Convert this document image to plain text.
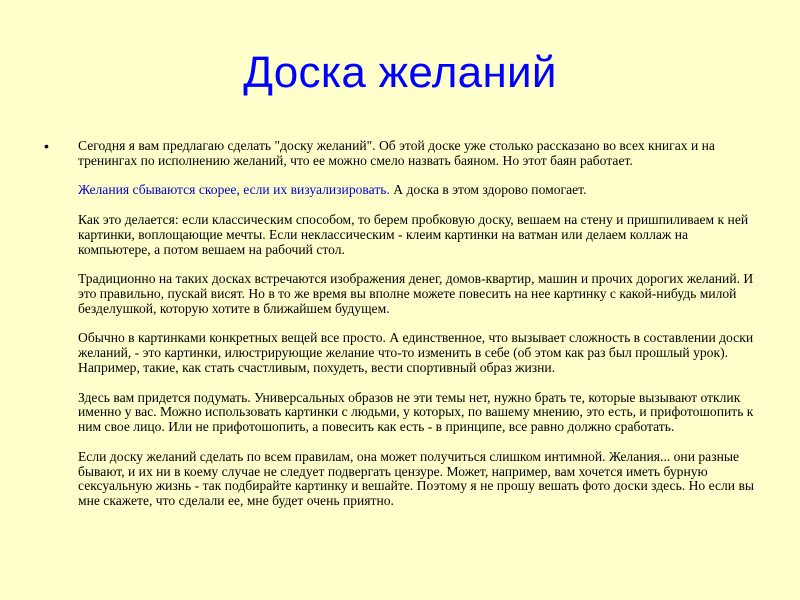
Доска желаний
• Сегодня я вам предлагаю сделать "доску желаний". Об этой доске уже столько рассказано во всех книгах и на тренингах по исполнению желаний, что ее можно смело назвать баяном. Но этот баян работает.

Желания сбываются скорее, если их визуализировать. А доска в этом здорово помогает.

Как это делается: если классическим способом, то берем пробковую доску, вешаем на стену и пришпиливаем к ней картинки, воплощающие мечты. Если неклассическим - клеим картинки на ватман или делаем коллаж на компьютере, а потом вешаем на рабочий стол.

Традиционно на таких досках встречаются изображения денег, домов-квартир, машин и прочих дорогих желаний. И это правильно, пускай висят. Но в то же время вы вполне можете повесить на нее картинку с какой-нибудь милой безделушкой, которую хотите в ближайшем будущем.

Обычно в картинками конкретных вещей все просто. А единственное, что вызывает сложность в составлении доски желаний, - это картинки, илюстрирующие желание что-то изменить в себе (об этом как раз был прошлый урок). Например, такие, как стать счастливым, похудеть, вести спортивный образ жизни.

Здесь вам придется подумать. Универсальных образов не эти темы нет, нужно брать те, которые вызывают отклик именно у вас. Можно использовать картинки с людьми, у которых, по вашему мнению, это есть, и прифотошопить к ним свое лицо. Или не прифотошопить, а повесить как есть - в принципе, все равно должно сработать.

Если доску желаний сделать по всем правилам, она может получиться слишком интимной. Желания... они разные бывают, и их ни в коему случае не следует подвергать цензуре. Может, например, вам хочется иметь бурную сексуальную жизнь - так подбирайте картинку и вешайте. Поэтому я не прошу вешать фото доски здесь. Но если вы мне скажете, что сделали ее, мне будет очень приятно.
